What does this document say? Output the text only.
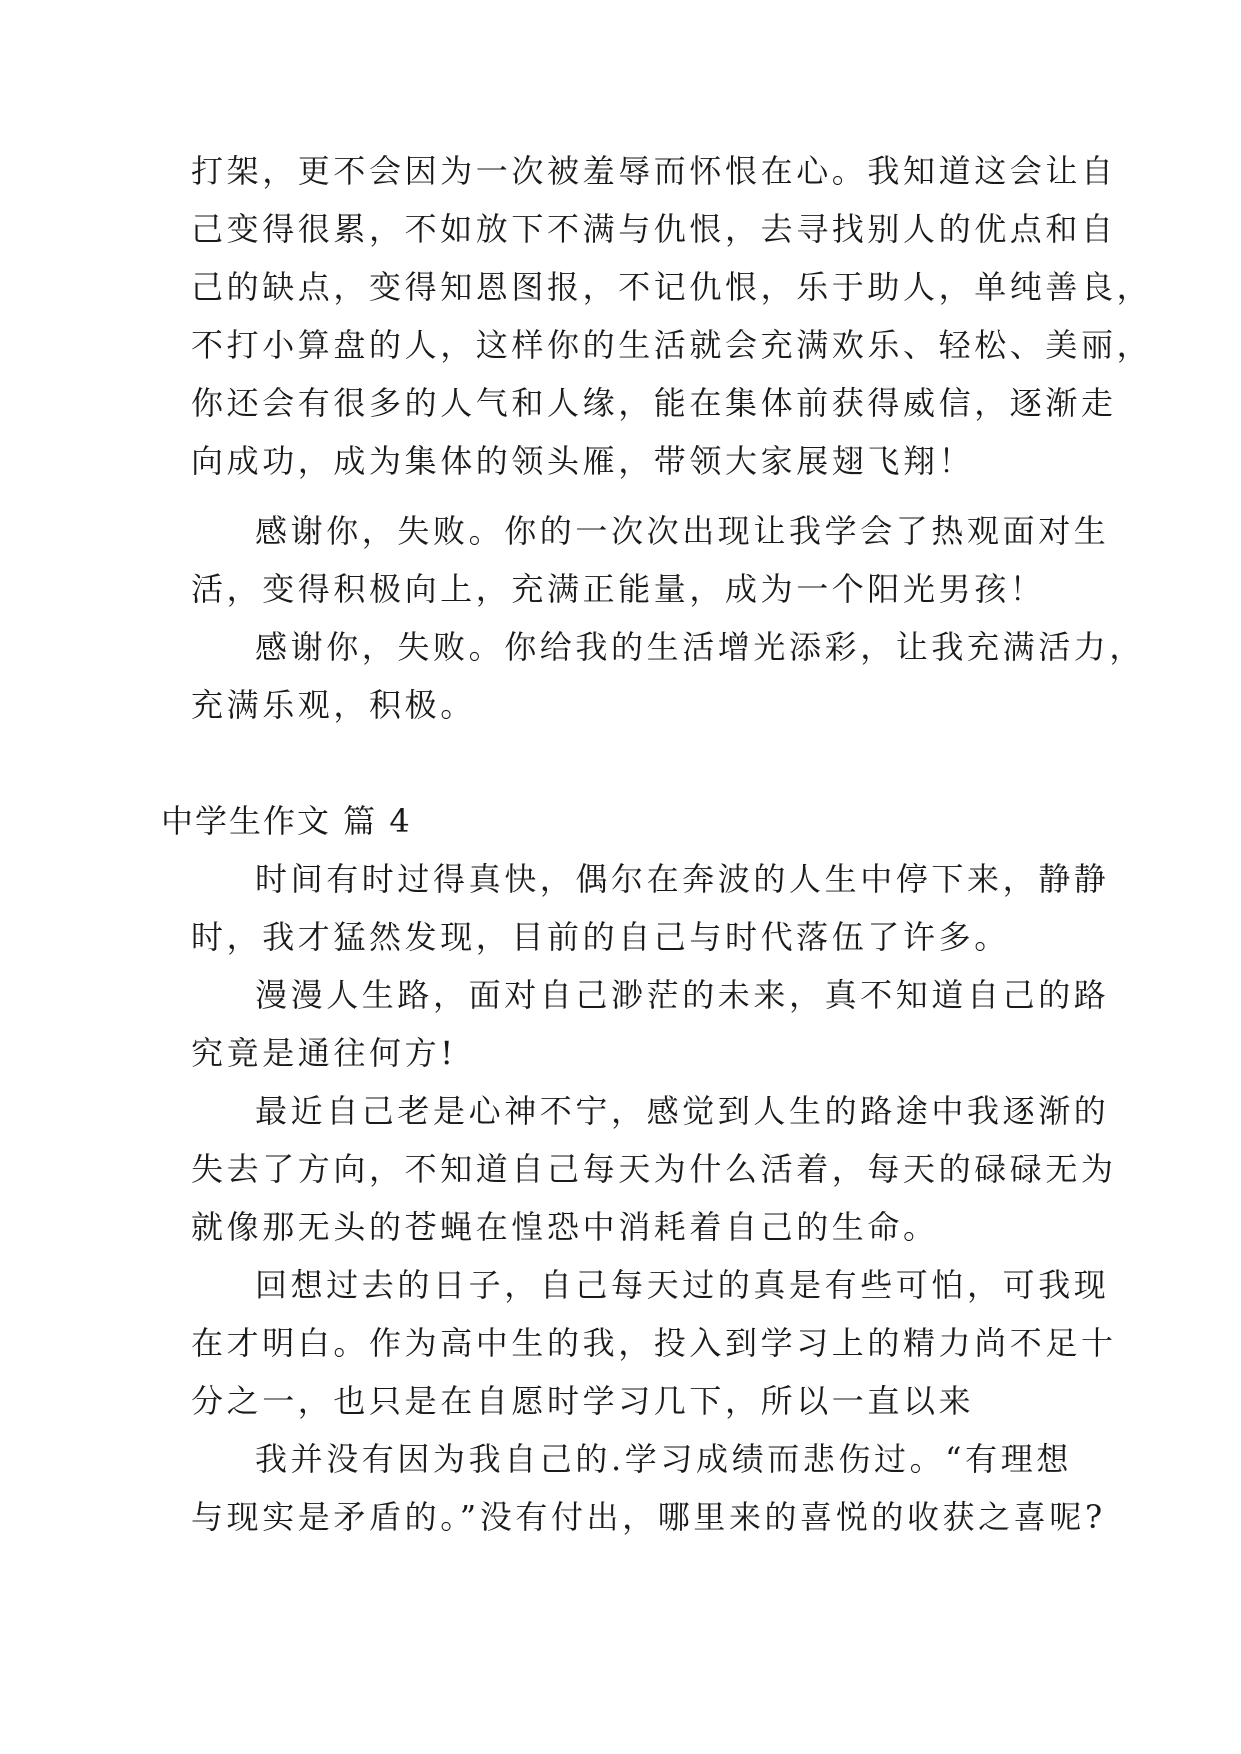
打架，更不会因为一次被羞辱而怀恨在心。我知道这会让自
己变得很累，不如放下不满与仇恨，去寻找别人的优点和自
己的缺点，变得知恩图报，不记仇恨，乐于助人，单纯善良，
不打小算盘的人，这样你的生活就会充满欢乐、轻松、美丽，
你还会有很多的人气和人缘，能在集体前获得威信，逐渐走
向成功，成为集体的领头雁，带领大家展翅飞翔！
感谢你，失败。你的一次次出现让我学会了热观面对生
活，变得积极向上，充满正能量，成为一个阳光男孩！
感谢你，失败。你给我的生活增光添彩，让我充满活力，
充满乐观，积极。
中学生作文 篇 4
时间有时过得真快，偶尔在奔波的人生中停下来，静静
时，我才猛然发现，目前的自己与时代落伍了许多。
漫漫人生路，面对自己渺茫的未来，真不知道自己的路
究竟是通往何方!
最近自己老是心神不宁，感觉到人生的路途中我逐渐的
失去了方向，不知道自己每天为什么活着，每天的碌碌无为
就像那无头的苍蝇在惶恐中消耗着自己的生命。
回想过去的日子，自己每天过的真是有些可怕，可我现
在才明白。作为高中生的我，投入到学习上的精力尚不足十
分之一，也只是在自愿时学习几下，所以一直以来
我并没有因为我自己的.学习成绩而悲伤过。“有理想
与现实是矛盾的。”没有付出，哪里来的喜悦的收获之喜呢?
